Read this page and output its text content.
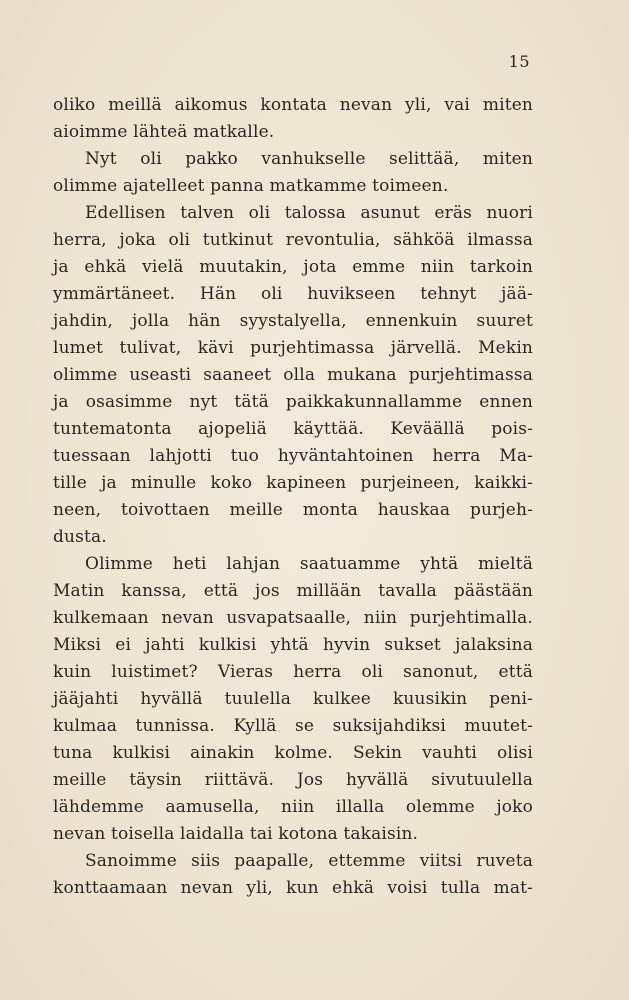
15
oliko meillä aikomus kontata nevan yli, vai miten
aioimme lähteä matkalle.
Nyt oli pakko vanhukselle selittää, miten
olimme ajatelleet panna matkamme toimeen.
Edellisen talven oli talossa asunut eräs nuori
herra, joka oli tutkinut revontulia, sähköä ilmassa
ja ehkä vielä muutakin, jota emme niin tarkoin
ymmärtäneet. Hän oli huvikseen tehnyt jää-
jahdin, jolla hän syystalyella, ennenkuin suuret
lumet tulivat, kävi purjehtimassa järvellä. Mekin
olimme useasti saaneet olla mukana purjehtimassa
ja osasimme nyt tätä paikkakunnallamme ennen
tuntematonta ajopeliä käyttää. Keväällä pois-
tuessaan lahjotti tuo hyväntahtoinen herra Ma-
tille ja minulle koko kapineen purjeineen, kaikki-
neen, toivottaen meille monta hauskaa purjeh-
dusta.
Olimme heti lahjan saatuamme yhtä mieltä
Matin kanssa, että jos millään tavalla päästään
kulkemaan nevan usvapatsaalle, niin purjehtimalla.
Miksi ei jahti kulkisi yhtä hyvin sukset jalaksina
kuin luistimet? Vieras herra oli sanonut, että
jääjahti hyvällä tuulella kulkee kuusikin peni-
kulmaa tunnissa. Kyllä se suksijahdiksi muutet-
tuna kulkisi ainakin kolme. Sekin vauhti olisi
meille täysin riittävä. Jos hyvällä sivutuulella
lähdemme aamusella, niin illalla olemme joko
nevan toisella laidalla tai kotona takaisin.
Sanoimme siis paapalle, ettemme viitsi ruveta
konttaamaan nevan yli, kun ehkä voisi tulla mat-
